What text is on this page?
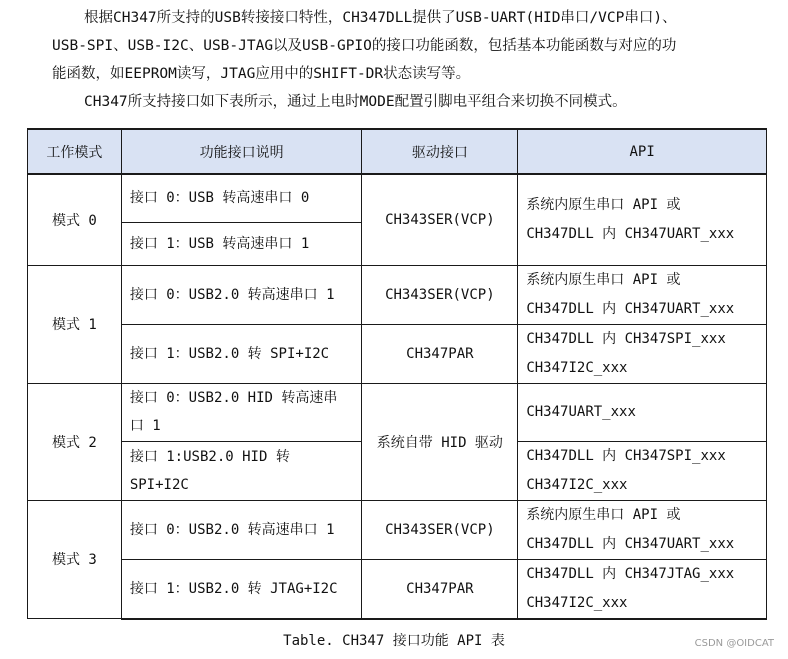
根据CH347所支持的USB转接接口特性，CH347DLL提供了USB-UART(HID串口/VCP串口)、
USB-SPI、USB-I2C、USB-JTAG以及USB-GPIO的接口功能函数，包括基本功能函数与对应的功
能函数，如EEPROM读写，JTAG应用中的SHIFT-DR状态读写等。
CH347所支持接口如下表所示，通过上电时MODE配置引脚电平组合来切换不同模式。
工作模式	功能接口说明	驱动接口	API
模式 0	接口 0：USB 转高速串口 0	CH343SER(VCP)	系统内原生串口 API 或
CH347DLL 内 CH347UART_xxx

	接口 1：USB 转高速串口 1		
模式 1	接口 0：USB2.0 转高速串口 1	CH343SER(VCP)	系统内原生串口 API 或
CH347DLL 内 CH347UART_xxx

	接口 1：USB2.0 转 SPI+I2C	CH347PAR	CH347DLL 内 CH347SPI_xxx
CH347I2C_xxx

模式 2	接口 0：USB2.0 HID 转高速串
口 1	系统自带 HID 驱动	CH347UART_xxx
	接口 1:USB2.0 HID 转 SPI+I2C		CH347DLL 内 CH347SPI_xxx
CH347I2C_xxx

模式 3	接口 0：USB2.0 转高速串口 1	CH343SER(VCP)	系统内原生串口 API 或
CH347DLL 内 CH347UART_xxx

	接口 1：USB2.0 转 JTAG+I2C	CH347PAR	CH347DLL 内 CH347JTAG_xxx
CH347I2C_xxx
Table. CH347 接口功能 API 表	CSDN @OIDCAT
